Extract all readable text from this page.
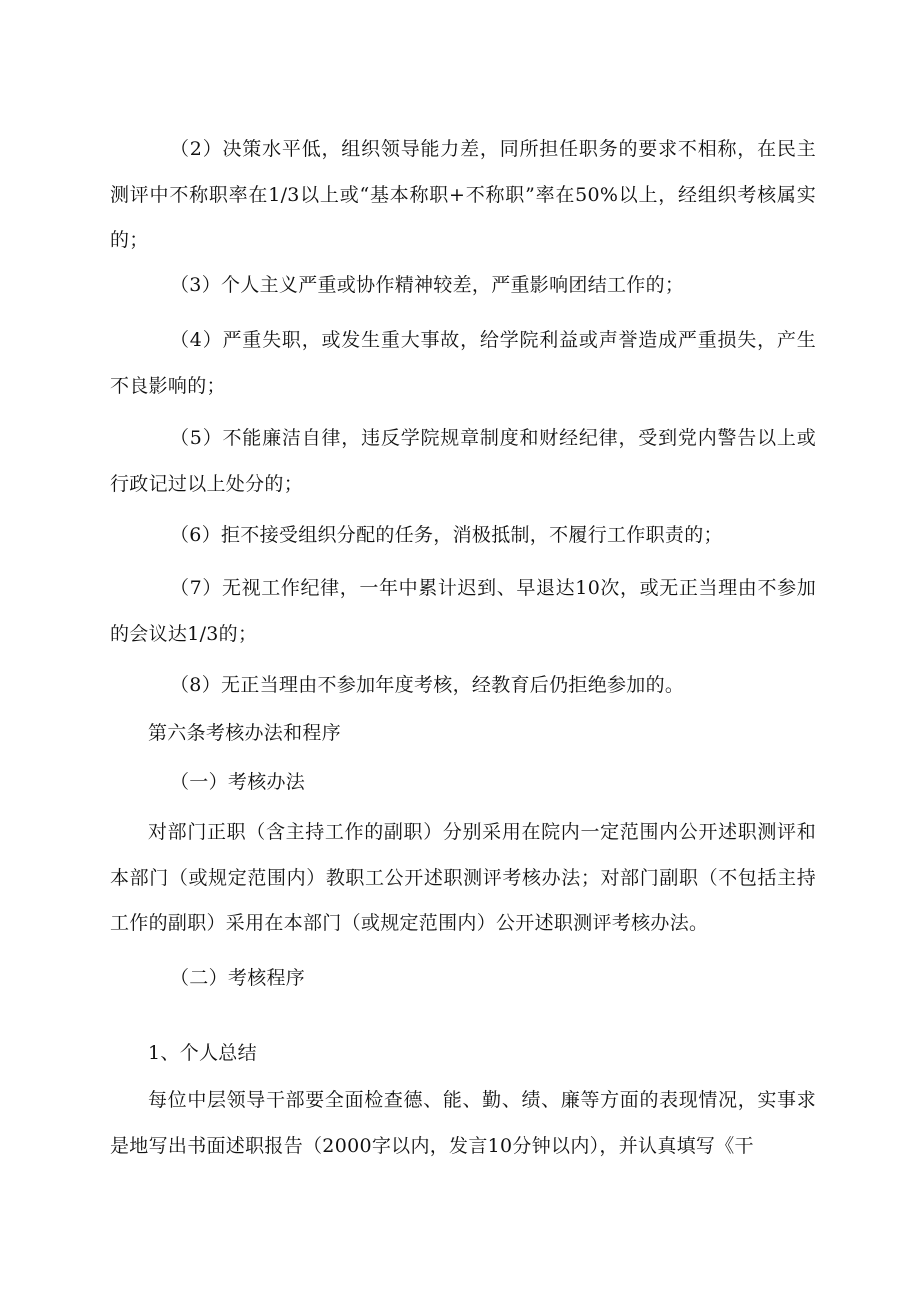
（2）决策水平低，组织领导能力差，同所担任职务的要求不相称，在民主测评中不称职率在1/3以上或“基本称职+不称职”率在50%以上，经组织考核属实的；

（3）个人主义严重或协作精神较差，严重影响团结工作的；

（4）严重失职，或发生重大事故，给学院利益或声誉造成严重损失，产生不良影响的；

（5）不能廉洁自律，违反学院规章制度和财经纪律，受到党内警告以上或行政记过以上处分的；

（6）拒不接受组织分配的任务，消极抵制，不履行工作职责的；

（7）无视工作纪律，一年中累计迟到、早退达10次，或无正当理由不参加的会议达1/3的；

（8）无正当理由不参加年度考核，经教育后仍拒绝参加的。

第六条考核办法和程序

（一）考核办法

对部门正职（含主持工作的副职）分别采用在院内一定范围内公开述职测评和本部门（或规定范围内）教职工公开述职测评考核办法；对部门副职（不包括主持工作的副职）采用在本部门（或规定范围内）公开述职测评考核办法。

（二）考核程序

1、个人总结

每位中层领导干部要全面检查德、能、勤、绩、廉等方面的表现情况，实事求是地写出书面述职报告（2000字以内，发言10分钟以内），并认真填写《干
